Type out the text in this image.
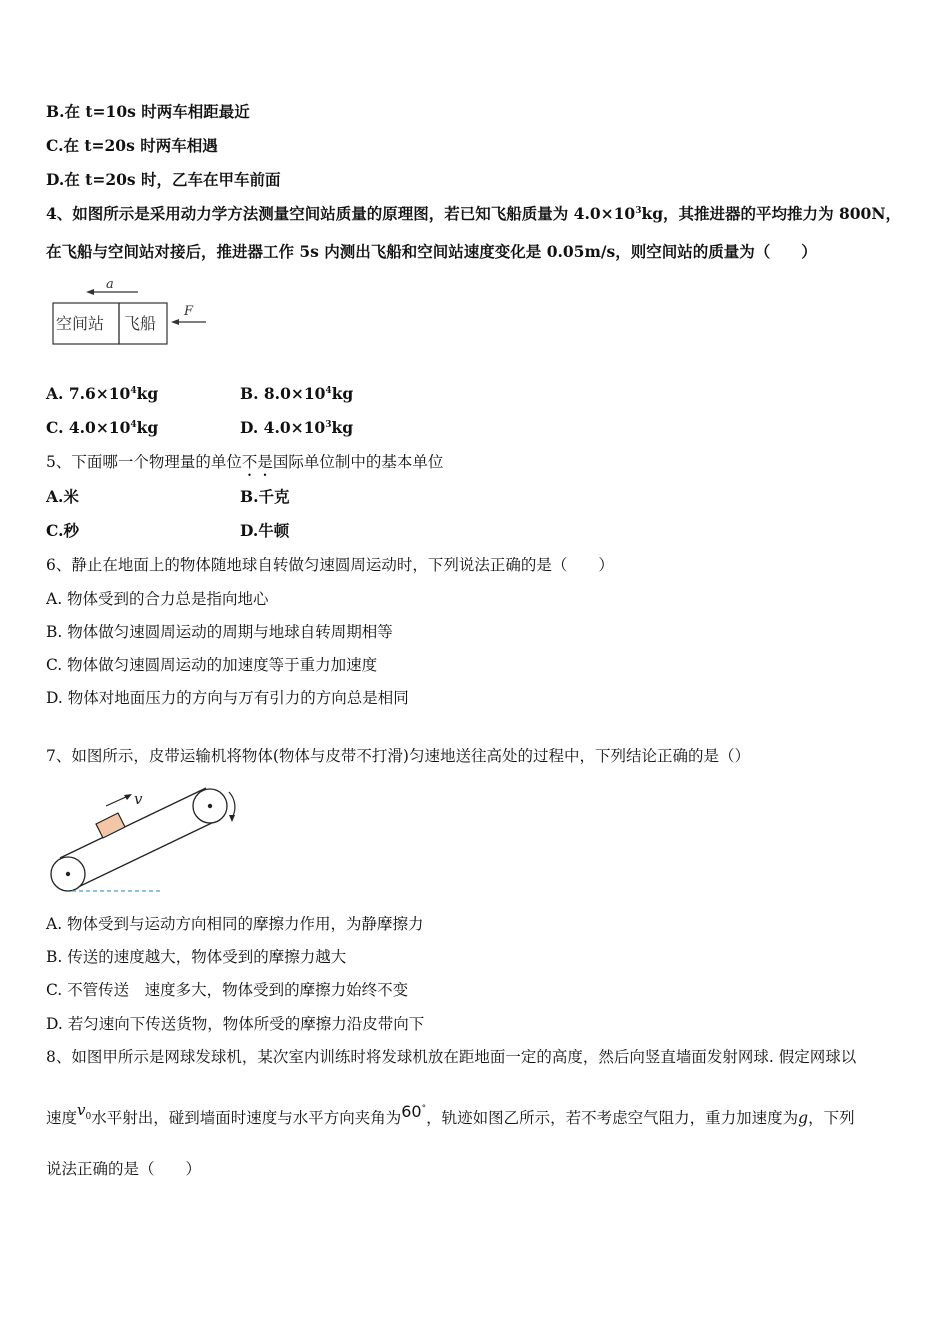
B.在 t=10s 时两车相距最近
C.在 t=20s 时两车相遇
D.在 t=20s 时，乙车在甲车前面
4、如图所示是采用动力学方法测量空间站质量的原理图，若已知飞船质量为 $4.0\times 10^3kg$，其推进器的平均推力为 800N，
在飞船与空间站对接后，推进器工作 5s 内测出飞船和空间站速度变化是 0.05m/s，则空间站的质量为（　　）
a
空间站 飞船
F
A. $7.6\times 10^4kg$	B. $8.0\times 10^4kg$
C. $4.0\times 10^4kg$	D. $4.0\times 10^3kg$
5、下面哪一个物理量的单位不是国际单位制中的基本单位
A.米	B.千克
C.秒	D.牛顿
6、静止在地面上的物体随地球自转做匀速圆周运动时，下列说法正确的是（　　）
A. 物体受到的合力总是指向地心
B. 物体做匀速圆周运动的周期与地球自转周期相等
C. 物体做匀速圆周运动的加速度等于重力加速度
D. 物体对地面压力的方向与万有引力的方向总是相同
7、如图所示，皮带运输机将物体(物体与皮带不打滑)匀速地送往高处的过程中，下列结论正确的是（）
v
A. 物体受到与运动方向相同的摩擦力作用，为静摩擦力
B. 传送的速度越大，物体受到的摩擦力越大
C. 不管传送　速度多大，物体受到的摩擦力始终不变
D. 若匀速向下传送货物，物体所受的摩擦力沿皮带向下
8、如图甲所示是网球发球机，某次室内训练时将发球机放在距地面一定的高度，然后向竖直墙面发射网球. 假定网球以
速度$v_0$水平射出，碰到墙面时速度与水平方向夹角为60°，轨迹如图乙所示，若不考虑空气阻力，重力加速度为g，下列
说法正确的是（　　）
